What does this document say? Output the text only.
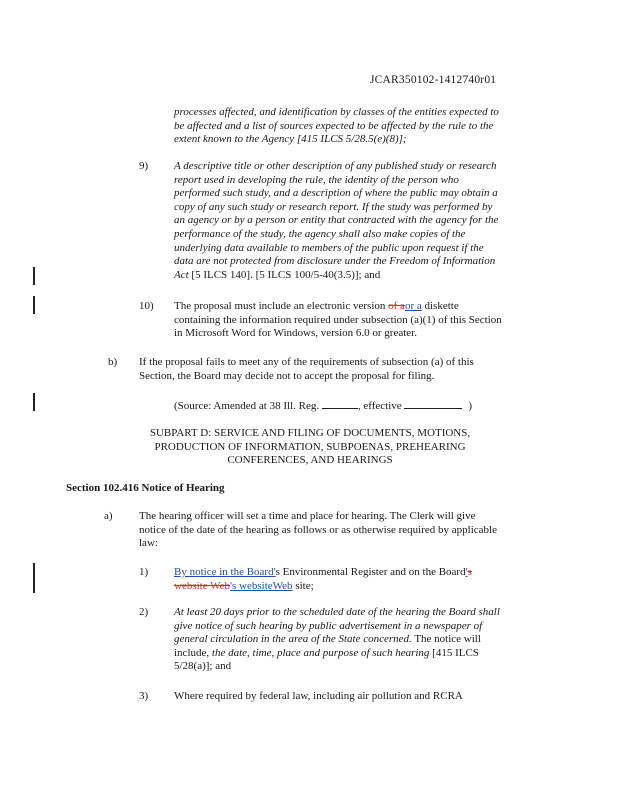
JCAR350102-1412740r01
processes affected, and identification by classes of the entities expected to
be affected and a list of sources expected to be affected by the rule to the
extent known to the Agency [415 ILCS 5/28.5(e)(8)];
9) A descriptive title or other description of any published study or research
report used in developing the rule, the identity of the person who
performed such study, and a description of where the public may obtain a
copy of any such study or research report. If the study was performed by
an agency or by a person or entity that contracted with the agency for the
performance of the study, the agency shall also make copies of the
underlying data available to members of the public upon request if the
data are not protected from disclosure under the Freedom of Information
Act [5 ILCS 140]. [5 ILCS 100/5-40(3.5)]; and
10) The proposal must include an electronic version of aor a diskette
containing the information required under subsection (a)(1) of this Section
in Microsoft Word for Windows, version 6.0 or greater.
b) If the proposal fails to meet any of the requirements of subsection (a) of this
Section, the Board may decide not to accept the proposal for filing.
(Source: Amended at 38 Ill. Reg.	, effective	)
SUBPART D: SERVICE AND FILING OF DOCUMENTS, MOTIONS,
PRODUCTION OF INFORMATION, SUBPOENAS, PREHEARING
CONFERENCES, AND HEARINGS
Section 102.416 Notice of Hearing
a) The hearing officer will set a time and place for hearing. The Clerk will give
notice of the date of the hearing as follows or as otherwise required by applicable
law:
1) By notice in the Board's Environmental Register and on the Board's
website Web's websiteWeb site;
2) At least 20 days prior to the scheduled date of the hearing the Board shall
give notice of such hearing by public advertisement in a newspaper of
general circulation in the area of the State concerned. The notice will
include, the date, time, place and purpose of such hearing [415 ILCS
5/28(a)]; and
3) Where required by federal law, including air pollution and RCRA
